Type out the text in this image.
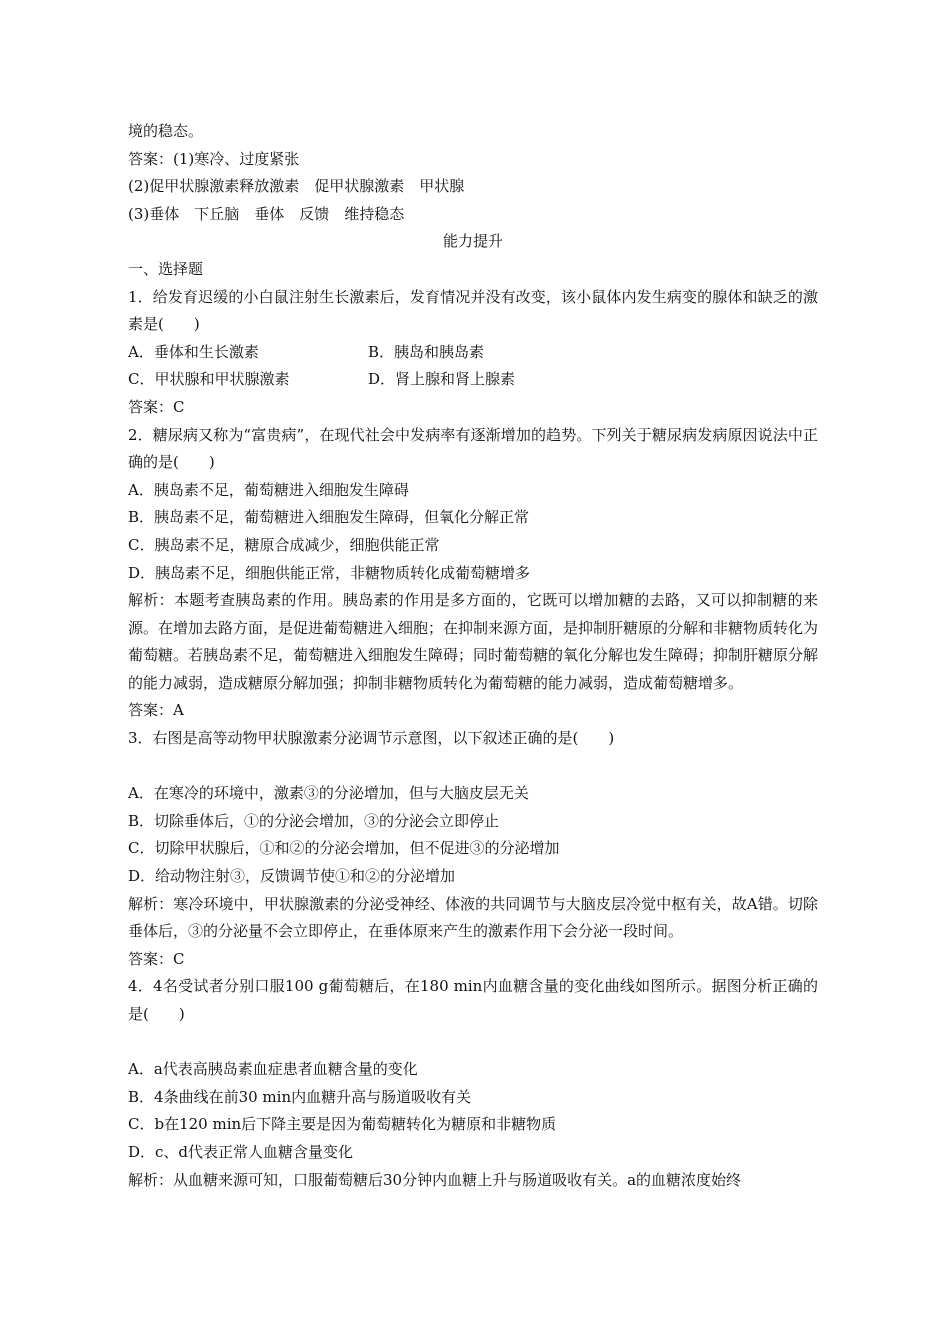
境的稳态。

答案：(1)寒冷、过度紧张

(2)促甲状腺激素释放激素　促甲状腺激素　甲状腺

(3)垂体　下丘脑　垂体　反馈　维持稳态

能力提升

一、选择题

1．给发育迟缓的小白鼠注射生长激素后，发育情况并没有改变，该小鼠体内发生病变的腺体和缺乏的激素是(　　)

A．垂体和生长激素	B．胰岛和胰岛素
C．甲状腺和甲状腺激素	D．肾上腺和肾上腺素

答案：C

2．糖尿病又称为“富贵病”，在现代社会中发病率有逐渐增加的趋势。下列关于糖尿病发病原因说法中正确的是(　　)

A．胰岛素不足，葡萄糖进入细胞发生障碍

B．胰岛素不足，葡萄糖进入细胞发生障碍，但氧化分解正常

C．胰岛素不足，糖原合成减少，细胞供能正常

D．胰岛素不足，细胞供能正常，非糖物质转化成葡萄糖增多

解析：本题考查胰岛素的作用。胰岛素的作用是多方面的，它既可以增加糖的去路，又可以抑制糖的来源。在增加去路方面，是促进葡萄糖进入细胞；在抑制来源方面，是抑制肝糖原的分解和非糖物质转化为葡萄糖。若胰岛素不足，葡萄糖进入细胞发生障碍；同时葡萄糖的氧化分解也发生障碍；抑制肝糖原分解的能力减弱，造成糖原分解加强；抑制非糖物质转化为葡萄糖的能力减弱，造成葡萄糖增多。

答案：A

3．右图是高等动物甲状腺激素分泌调节示意图，以下叙述正确的是(　　)

A．在寒冷的环境中，激素③的分泌增加，但与大脑皮层无关

B．切除垂体后，①的分泌会增加，③的分泌会立即停止

C．切除甲状腺后，①和②的分泌会增加，但不促进③的分泌增加

D．给动物注射③，反馈调节使①和②的分泌增加

解析：寒冷环境中，甲状腺激素的分泌受神经、体液的共同调节与大脑皮层冷觉中枢有关，故A错。切除垂体后，③的分泌量不会立即停止，在垂体原来产生的激素作用下会分泌一段时间。

答案：C

4．4名受试者分别口服100 g葡萄糖后，在180 min内血糖含量的变化曲线如图所示。据图分析正确的是(　　)

A．a代表高胰岛素血症患者血糖含量的变化

B．4条曲线在前30 min内血糖升高与肠道吸收有关

C．b在120 min后下降主要是因为葡萄糖转化为糖原和非糖物质

D．c、d代表正常人血糖含量变化

解析：从血糖来源可知，口服葡萄糖后30分钟内血糖上升与肠道吸收有关。a的血糖浓度始终
